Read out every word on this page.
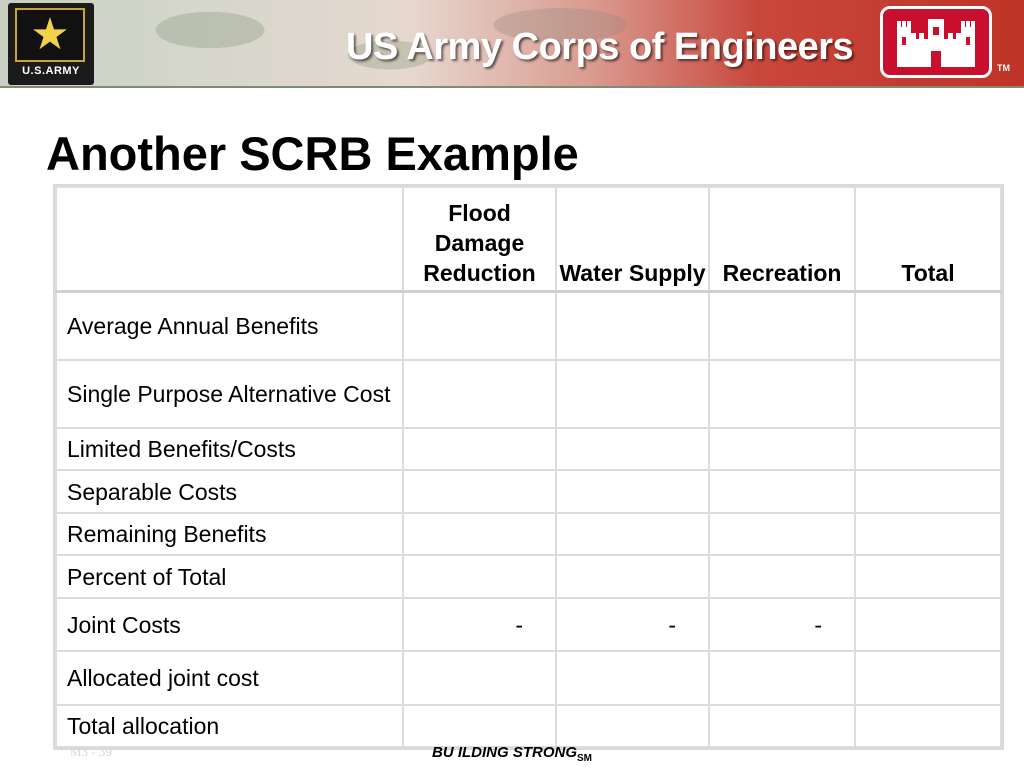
★
U.S.ARMY
US Army Corps of Engineers	TM
Another SCRB Example
	Flood Damage Reduction	Water Supply	Recreation	Total
Average Annual Benefits				
Single Purpose Alternative Cost				
Limited Benefits/Costs				
Separable Costs				
Remaining Benefits				
Percent of Total				
Joint Costs	-	-	-	
Allocated joint cost				
Total allocation				
M3 - 39	BU ILDING $STRONG_{SM}$
